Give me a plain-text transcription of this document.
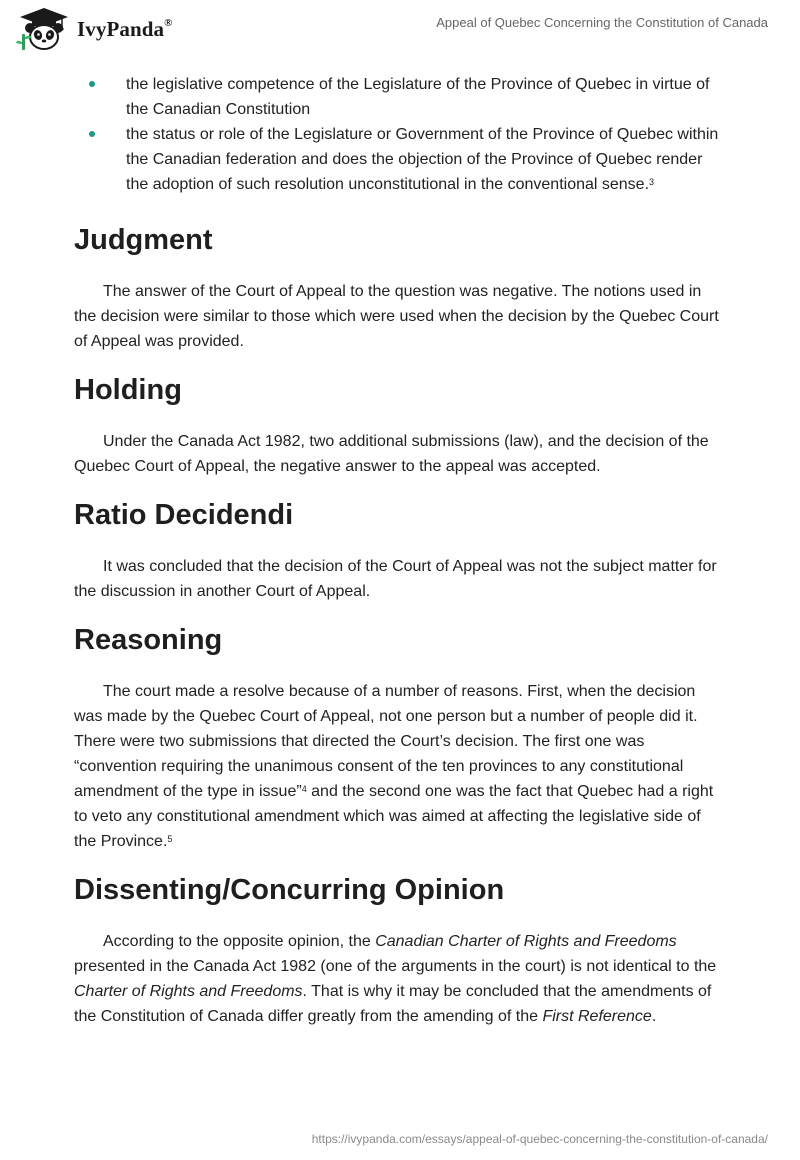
IvyPanda®	Appeal of Quebec Concerning the Constitution of Canada
the legislative competence of the Legislature of the Province of Quebec in virtue of the Canadian Constitution
the status or role of the Legislature or Government of the Province of Quebec within the Canadian federation and does the objection of the Province of Quebec render the adoption of such resolution unconstitutional in the conventional sense.$^3$
Judgment

The answer of the Court of Appeal to the question was negative. The notions used in the decision were similar to those which were used when the decision by the Quebec Court of Appeal was provided.

Holding

Under the Canada Act 1982, two additional submissions (law), and the decision of the Quebec Court of Appeal, the negative answer to the appeal was accepted.

Ratio Decidendi

It was concluded that the decision of the Court of Appeal was not the subject matter for the discussion in another Court of Appeal.

Reasoning

The court made a resolve because of a number of reasons. First, when the decision was made by the Quebec Court of Appeal, not one person but a number of people did it. There were two submissions that directed the Court’s decision. The first one was “convention requiring the unanimous consent of the ten provinces to any constitutional amendment of the type in issue”$^4$ and the second one was the fact that Quebec had a right to veto any constitutional amendment which was aimed at affecting the legislative side of the Province.$^5$

Dissenting/Concurring Opinion

According to the opposite opinion, the Canadian Charter of Rights and Freedoms presented in the Canada Act 1982 (one of the arguments in the court) is not identical to the Charter of Rights and Freedoms. That is why it may be concluded that the amendments of the Constitution of Canada differ greatly from the amending of the First Reference.

https://ivypanda.com/essays/appeal-of-quebec-concerning-the-constitution-of-canada/
